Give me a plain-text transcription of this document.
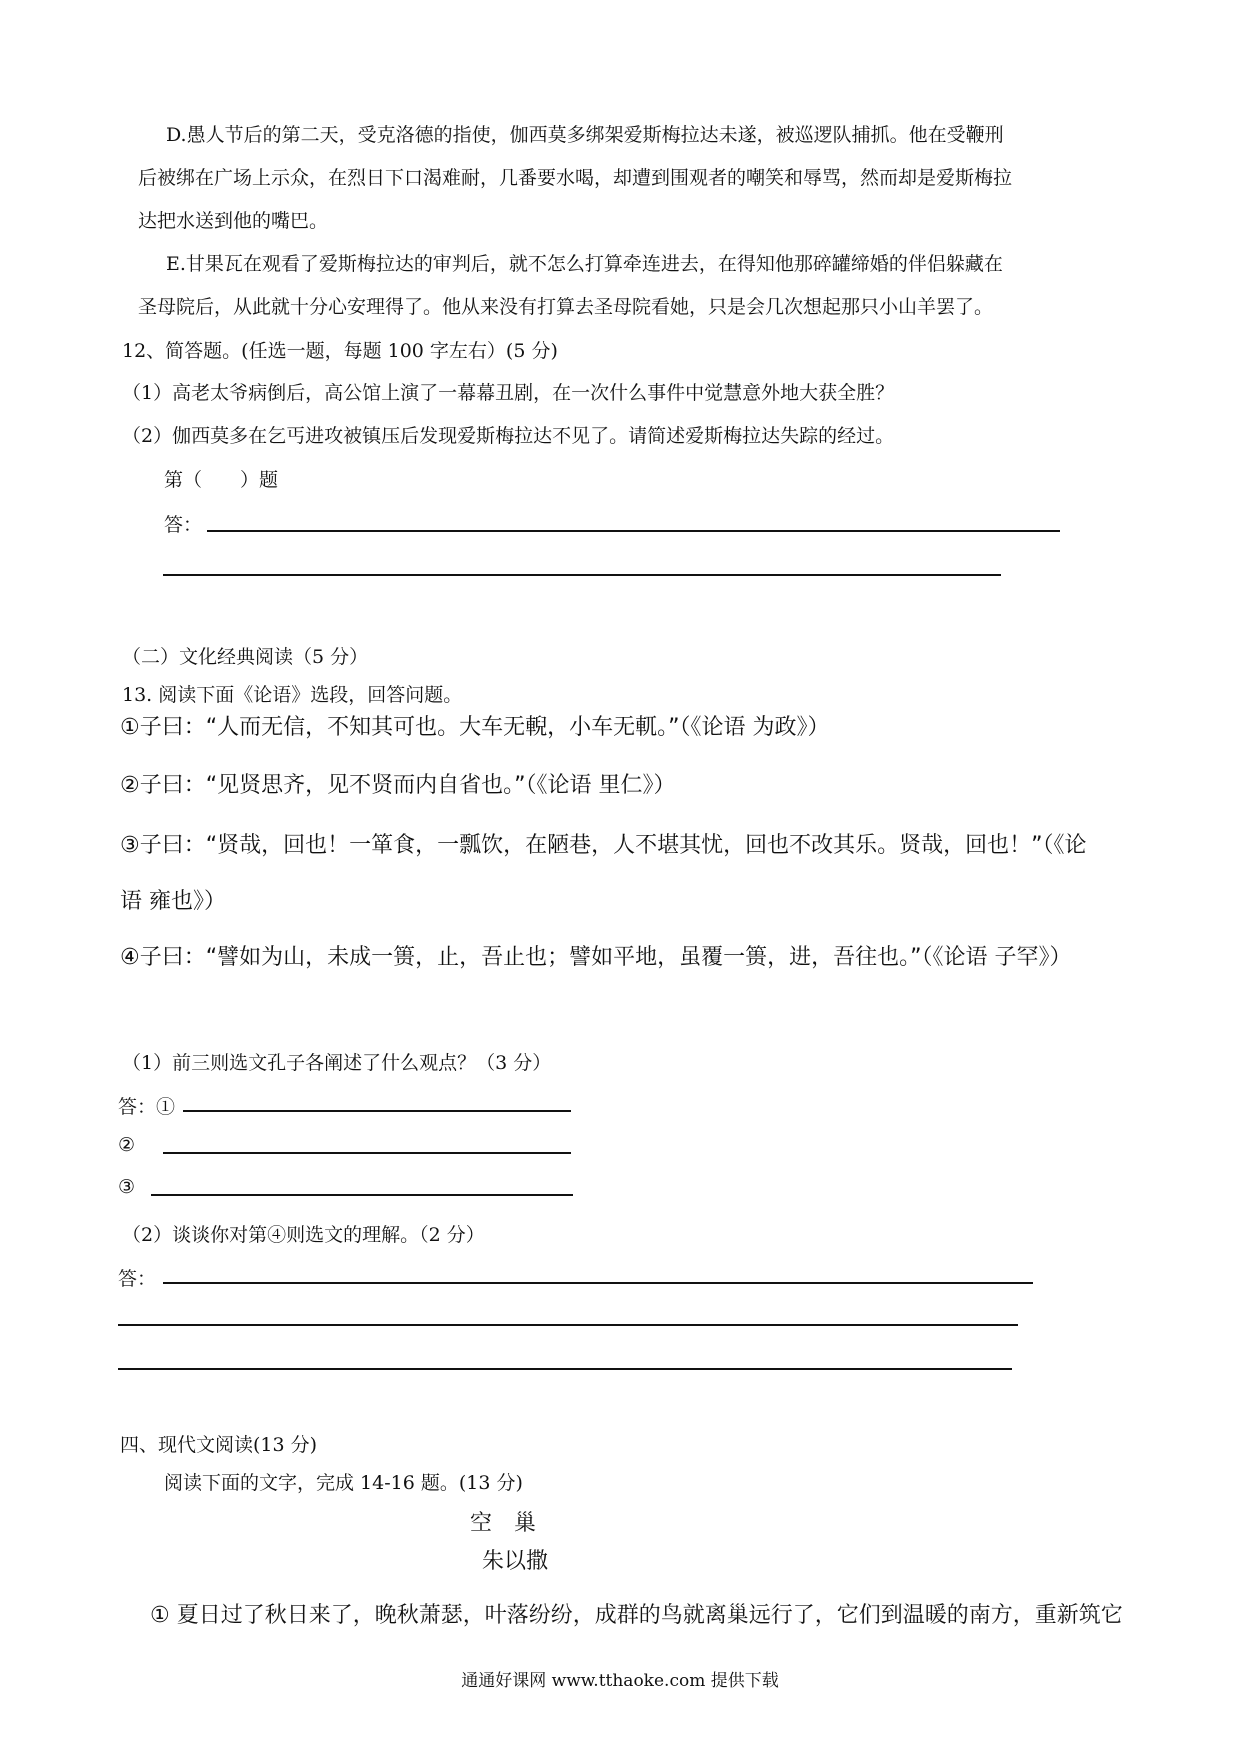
D.愚人节后的第二天，受克洛德的指使，伽西莫多绑架爱斯梅拉达未遂，被巡逻队捕抓。他在受鞭刑
后被绑在广场上示众，在烈日下口渴难耐，几番要水喝，却遭到围观者的嘲笑和辱骂，然而却是爱斯梅拉
达把水送到他的嘴巴。
E.甘果瓦在观看了爱斯梅拉达的审判后，就不怎么打算牵连进去，在得知他那碎罐缔婚的伴侣躲藏在
圣母院后，从此就十分心安理得了。他从来没有打算去圣母院看她，只是会几次想起那只小山羊罢了。
12、简答题。(任选一题，每题 100 字左右）(5 分)
（1）高老太爷病倒后，高公馆上演了一幕幕丑剧，在一次什么事件中觉慧意外地大获全胜？
（2）伽西莫多在乞丐进攻被镇压后发现爱斯梅拉达不见了。请简述爱斯梅拉达失踪的经过。
第（　　）题
答：
（二）文化经典阅读（5 分）
13. 阅读下面《论语》选段，回答问题。
①子曰：“人而无信，不知其可也。大车无輗，小车无軏。”（《论语 为政》）
②子曰：“见贤思齐，见不贤而内自省也。”（《论语 里仁》）
③子曰：“贤哉，回也！一箪食，一瓢饮，在陋巷，人不堪其忧，回也不改其乐。贤哉，回也！”（《论
语 雍也》）
④子曰：“譬如为山，未成一篑，止，吾止也；譬如平地，虽覆一篑，进，吾往也。”（《论语 子罕》）
（1）前三则选文孔子各阐述了什么观点？（3 分）
答：①
②
③
（2）谈谈你对第④则选文的理解。（2 分）
答：
四、现代文阅读(13 分)
阅读下面的文字，完成 14-16 题。(13 分)
空　巢
朱以撒
① 夏日过了秋日来了，晚秋萧瑟，叶落纷纷，成群的鸟就离巢远行了，它们到温暖的南方，重新筑它
通通好课网 www.tthaoke.com 提供下载
